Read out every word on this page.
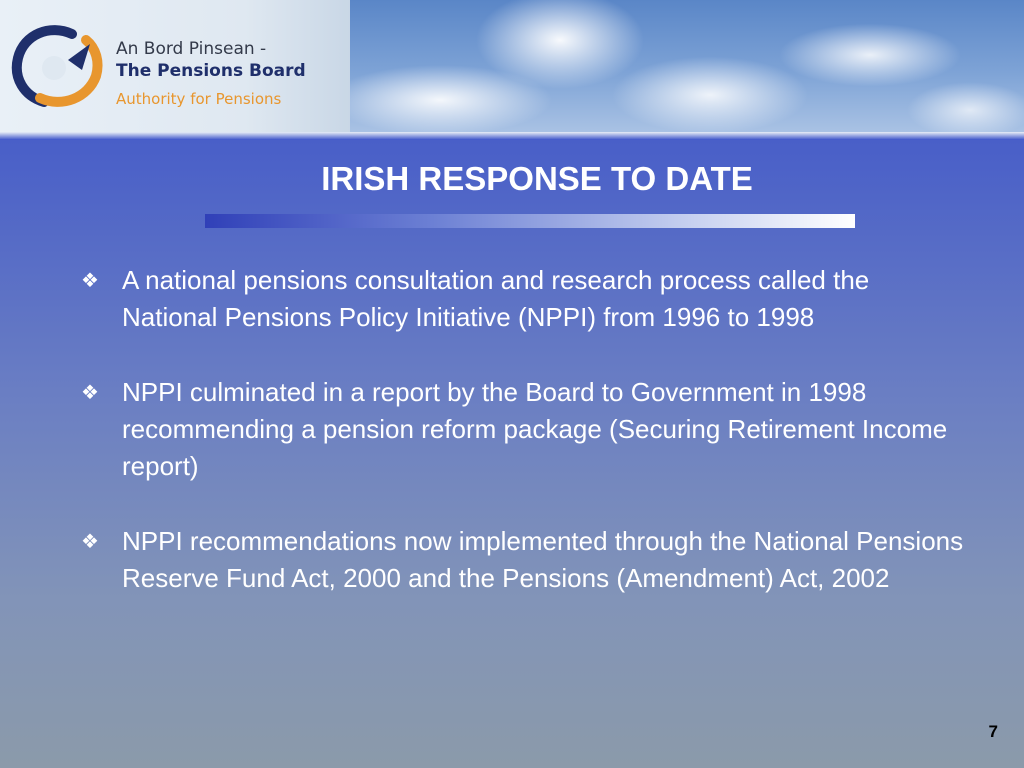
An Bord Pinsean -
The Pensions Board
Authority for Pensions
IRISH RESPONSE TO DATE
❖ A national pensions consultation and research process called the National Pensions Policy Initiative (NPPI) from 1996 to 1998
❖ NPPI culminated in a report by the Board to Government in 1998 recommending a pension reform package (Securing Retirement Income report)
❖ NPPI recommendations now implemented through the National Pensions Reserve Fund Act, 2000 and the Pensions (Amendment) Act, 2002
7
